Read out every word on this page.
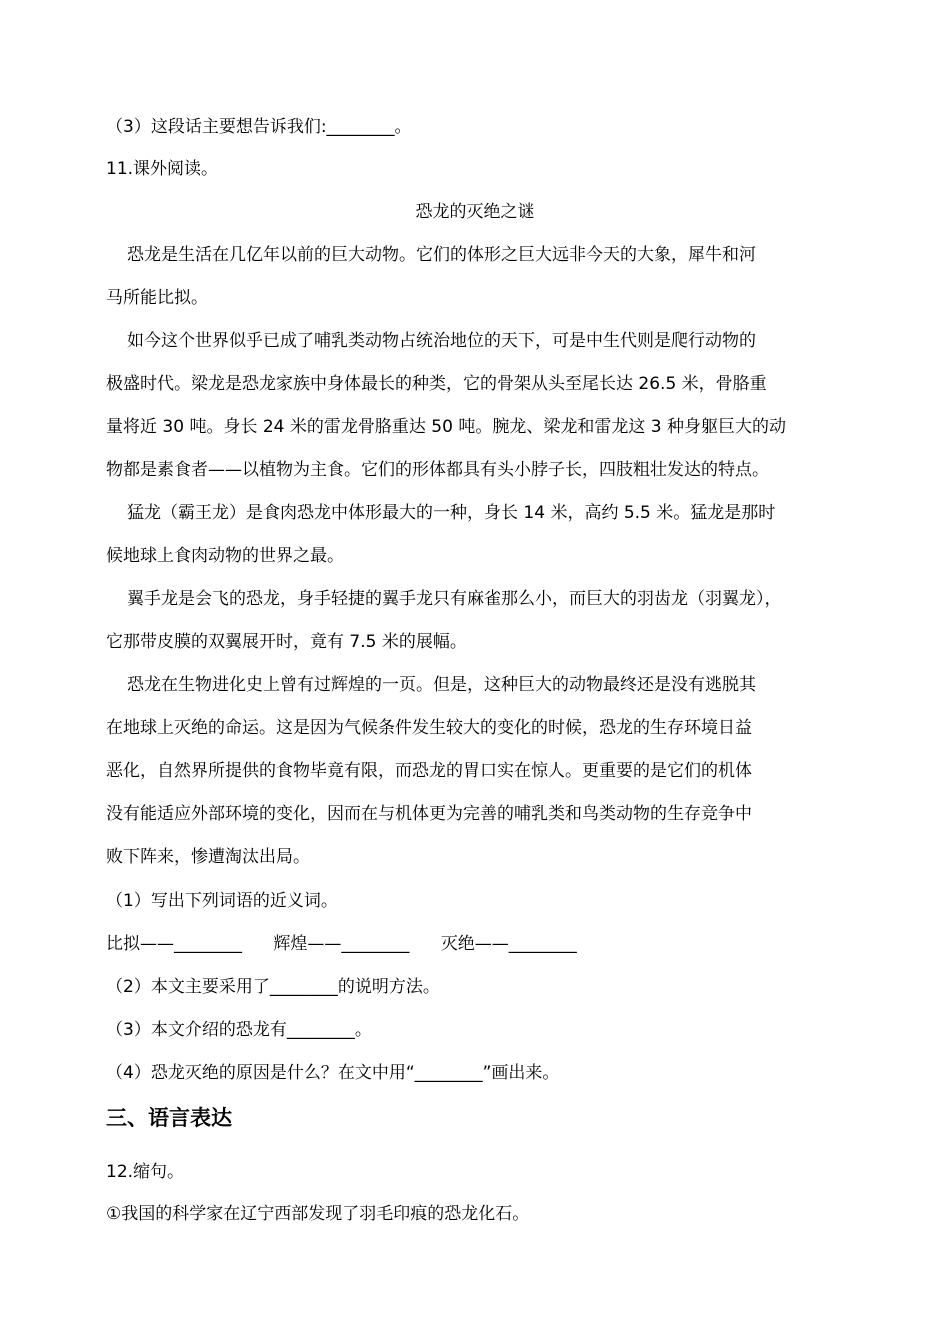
（3）这段话主要想告诉我们:________。
11.课外阅读。
恐龙的灭绝之谜
恐龙是生活在几亿年以前的巨大动物。它们的体形之巨大远非今天的大象，犀牛和河
马所能比拟。
如今这个世界似乎已成了哺乳类动物占统治地位的天下，可是中生代则是爬行动物的
极盛时代。梁龙是恐龙家族中身体最长的种类，它的骨架从头至尾长达 26.5 米，骨胳重
量将近 30 吨。身长 24 米的雷龙骨胳重达 50 吨。腕龙、梁龙和雷龙这 3 种身躯巨大的动
物都是素食者——以植物为主食。它们的形体都具有头小脖子长，四肢粗壮发达的特点。
猛龙（霸王龙）是食肉恐龙中体形最大的一种，身长 14 米，高约 5.5 米。猛龙是那时
候地球上食肉动物的世界之最。
翼手龙是会飞的恐龙，身手轻捷的翼手龙只有麻雀那么小，而巨大的羽齿龙（羽翼龙），
它那带皮膜的双翼展开时，竟有 7.5 米的展幅。
恐龙在生物进化史上曾有过辉煌的一页。但是，这种巨大的动物最终还是没有逃脱其
在地球上灭绝的命运。这是因为气候条件发生较大的变化的时候，恐龙的生存环境日益
恶化，自然界所提供的食物毕竟有限，而恐龙的胃口实在惊人。更重要的是它们的机体
没有能适应外部环境的变化，因而在与机体更为完善的哺乳类和鸟类动物的生存竞争中
败下阵来，惨遭淘汰出局。
（1）写出下列词语的近义词。
比拟——________ 辉煌——________ 灭绝——________
（2）本文主要采用了________的说明方法。
（3）本文介绍的恐龙有________。
（4）恐龙灭绝的原因是什么？在文中用“________”画出来。
三、语言表达
12.缩句。
①我国的科学家在辽宁西部发现了羽毛印痕的恐龙化石。
